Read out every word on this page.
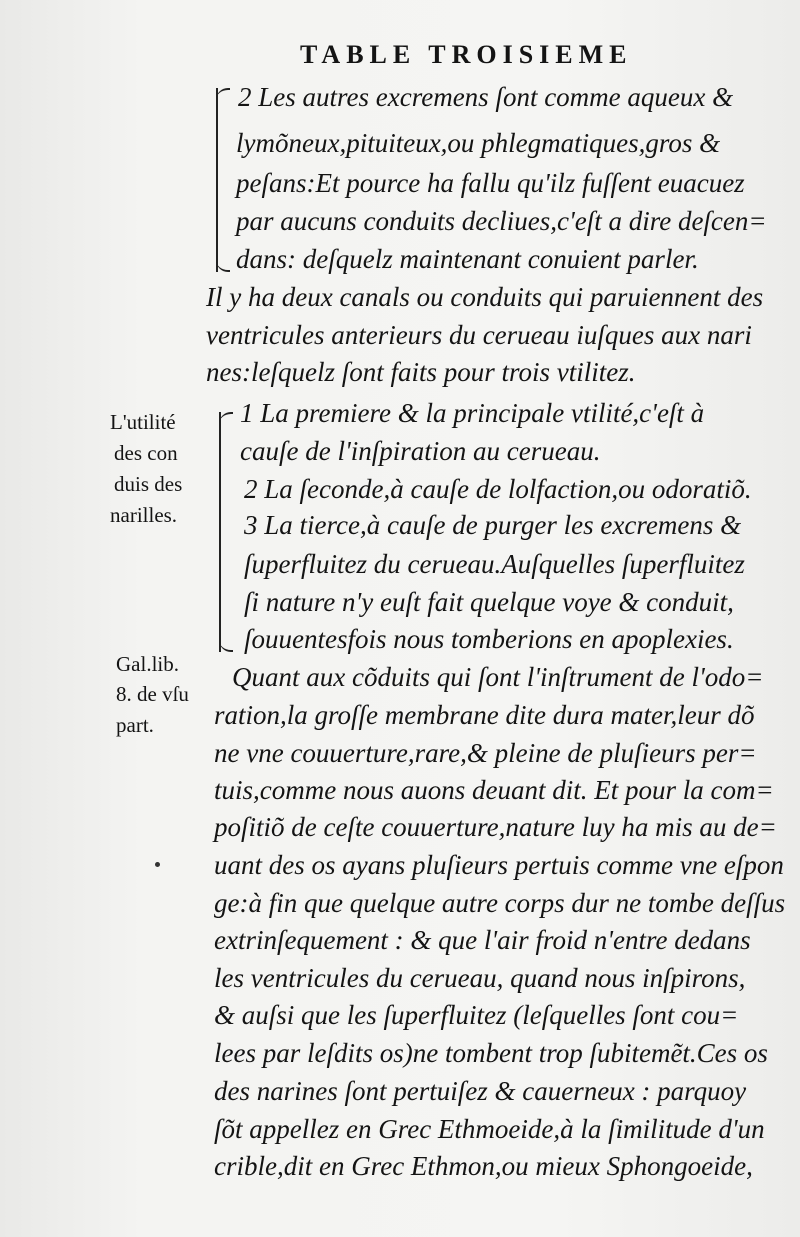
TABLE TROISIEME
2 Les autres excremens ſont comme aqueux &
lymõneux,pituiteux,ou phlegmatiques,gros &
peſans:Et pource ha fallu qu'ilz fuſſent euacuez
par aucuns conduits decliues,c'eſt a dire deſcen=
dans: deſquelz maintenant conuient parler.
Il y ha deux canals ou conduits qui paruiennent des
ventricules anterieurs du cerueau iuſques aux nari
nes:leſquelz ſont faits pour trois vtilitez.
1 La premiere & la principale vtilité,c'eſt à
cauſe de l'inſpiration au cerueau.
2 La ſeconde,à cauſe de lolfaction,ou odoratiõ.
3 La tierce,à cauſe de purger les excremens &
ſuperfluitez du cerueau.Auſquelles ſuperfluitez
ſi nature n'y euſt fait quelque voye & conduit,
ſouuentesfois nous tomberions en apoplexies.
Quant aux cõduits qui ſont l'inſtrument de l'odo=
ration,la groſſe membrane dite dura mater,leur dõ
ne vne couuerture,rare,& pleine de pluſieurs per=
tuis,comme nous auons deuant dit. Et pour la com=
poſitiõ de ceſte couuerture,nature luy ha mis au de=
uant des os ayans pluſieurs pertuis comme vne eſpon
ge:à fin que quelque autre corps dur ne tombe deſſus
extrinſequement : & que l'air froid n'entre dedans
les ventricules du cerueau, quand nous inſpirons,
& auſsi que les ſuperfluitez (leſquelles ſont cou=
lees par leſdits os)ne tombent trop ſubitemẽt.Ces os
des narines ſont pertuiſez & cauerneux : parquoy
ſõt appellez en Grec Ethmoeide,à la ſimilitude d'un
crible,dit en Grec Ethmon,ou mieux Sphongoeide,
L'utilité
des con
duis des
narilles.
Gal.lib.
8. de vſu
part.
